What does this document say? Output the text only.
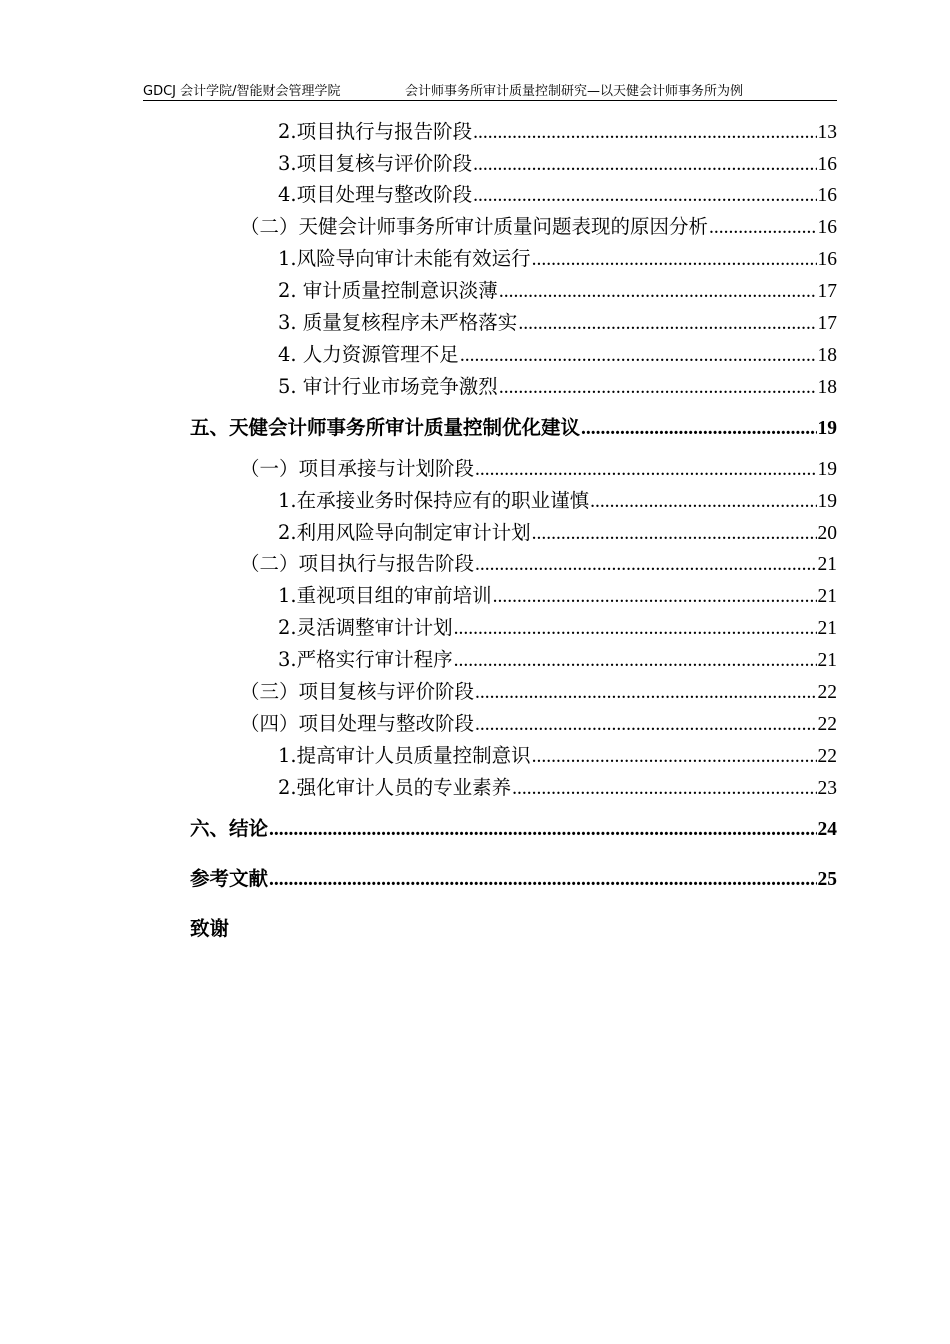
GDCJ 会计学院/智能财会管理学院	会计师事务所审计质量控制研究—以天健会计师事务所为例
2.项目执行与报告阶段 .....	13
3.项目复核与评价阶段 .....	16
4.项目处理与整改阶段 .....	16
（二）天健会计师事务所审计质量问题表现的原因分析 .....	16
1.风险导向审计未能有效运行 .....	16
2. 审计质量控制意识淡薄 .....	17
3. 质量复核程序未严格落实 .....	17
4. 人力资源管理不足 .....	18
5. 审计行业市场竞争激烈 .....	18
五、天健会计师事务所审计质量控制优化建议 .....	19
（一）项目承接与计划阶段 .....	19
1.在承接业务时保持应有的职业谨慎 .....	19
2.利用风险导向制定审计计划 .....	20
（二）项目执行与报告阶段 .....	21
1.重视项目组的审前培训 .....	21
2.灵活调整审计计划 .....	21
3.严格实行审计程序 .....	21
（三）项目复核与评价阶段 .....	22
（四）项目处理与整改阶段 .....	22
1.提高审计人员质量控制意识 .....	22
2.强化审计人员的专业素养 .....	23
六、结论 .....	24
参考文献 .....	25
致谢
